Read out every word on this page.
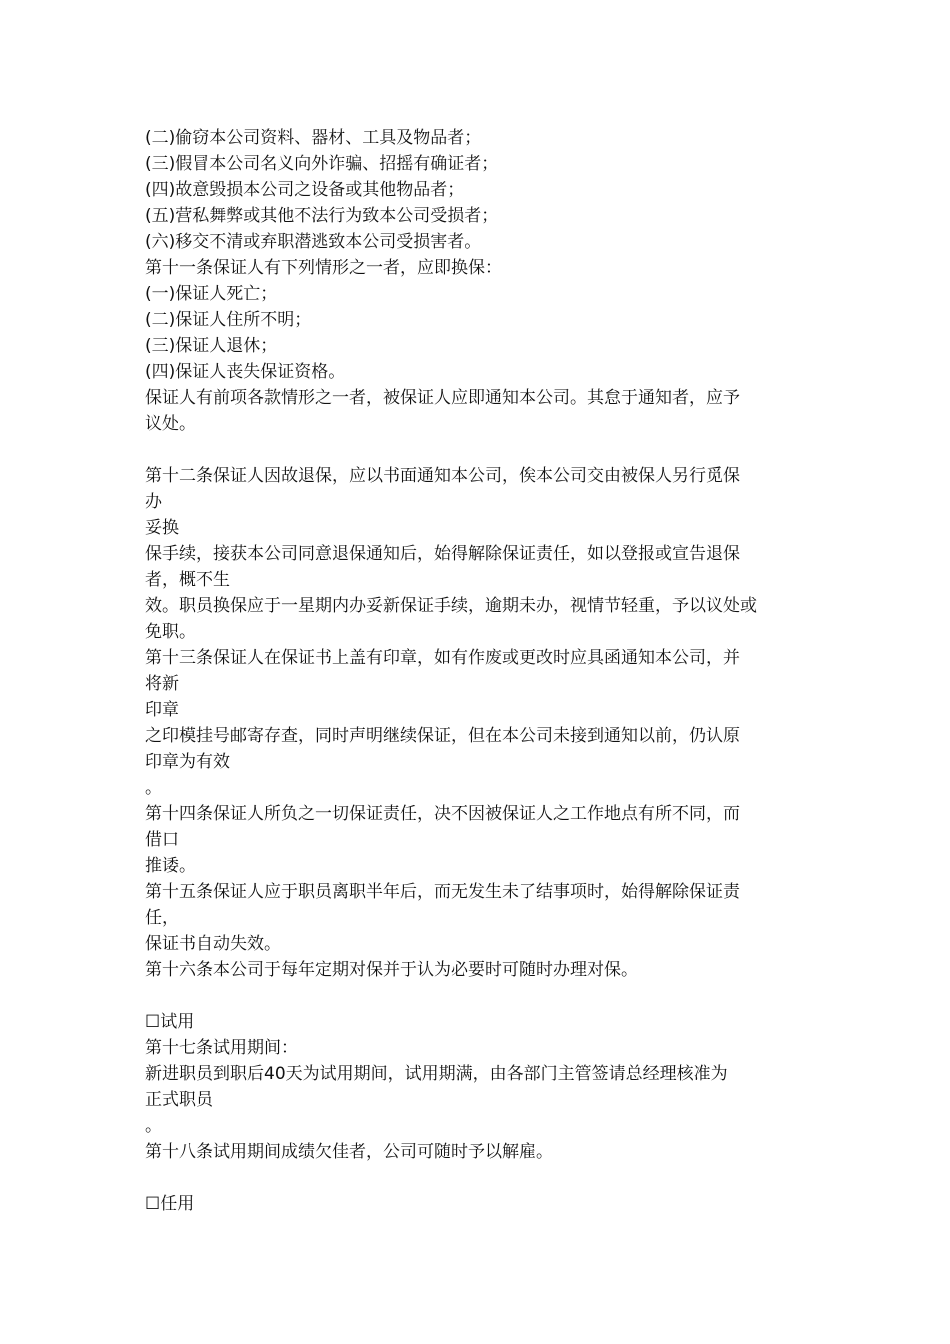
(二)偷窃本公司资料、器材、工具及物品者；
(三)假冒本公司名义向外诈骗、招摇有确证者；
(四)故意毁损本公司之设备或其他物品者；
(五)营私舞弊或其他不法行为致本公司受损者；
(六)移交不清或弃职潜逃致本公司受损害者。
第十一条保证人有下列情形之一者，应即换保：
(一)保证人死亡；
(二)保证人住所不明；
(三)保证人退休；
(四)保证人丧失保证资格。
保证人有前项各款情形之一者，被保证人应即通知本公司。其怠于通知者，应予
议处。
第十二条保证人因故退保，应以书面通知本公司，俟本公司交由被保人另行觅保
办
妥换
保手续，接获本公司同意退保通知后，始得解除保证责任，如以登报或宣告退保
者，概不生
效。职员换保应于一星期内办妥新保证手续，逾期未办，视情节轻重，予以议处或
免职。
第十三条保证人在保证书上盖有印章，如有作废或更改时应具函通知本公司，并
将新
印章
之印模挂号邮寄存查，同时声明继续保证，但在本公司未接到通知以前，仍认原
印章为有效
。
第十四条保证人所负之一切保证责任，决不因被保证人之工作地点有所不同，而
借口
推诿。
第十五条保证人应于职员离职半年后，而无发生未了结事项时，始得解除保证责
任，
保证书自动失效。
第十六条本公司于每年定期对保并于认为必要时可随时办理对保。
☐试用
第十七条试用期间：
新进职员到职后40天为试用期间，试用期满，由各部门主管签请总经理核准为
正式职员
。
第十八条试用期间成绩欠佳者，公司可随时予以解雇。
☐任用
